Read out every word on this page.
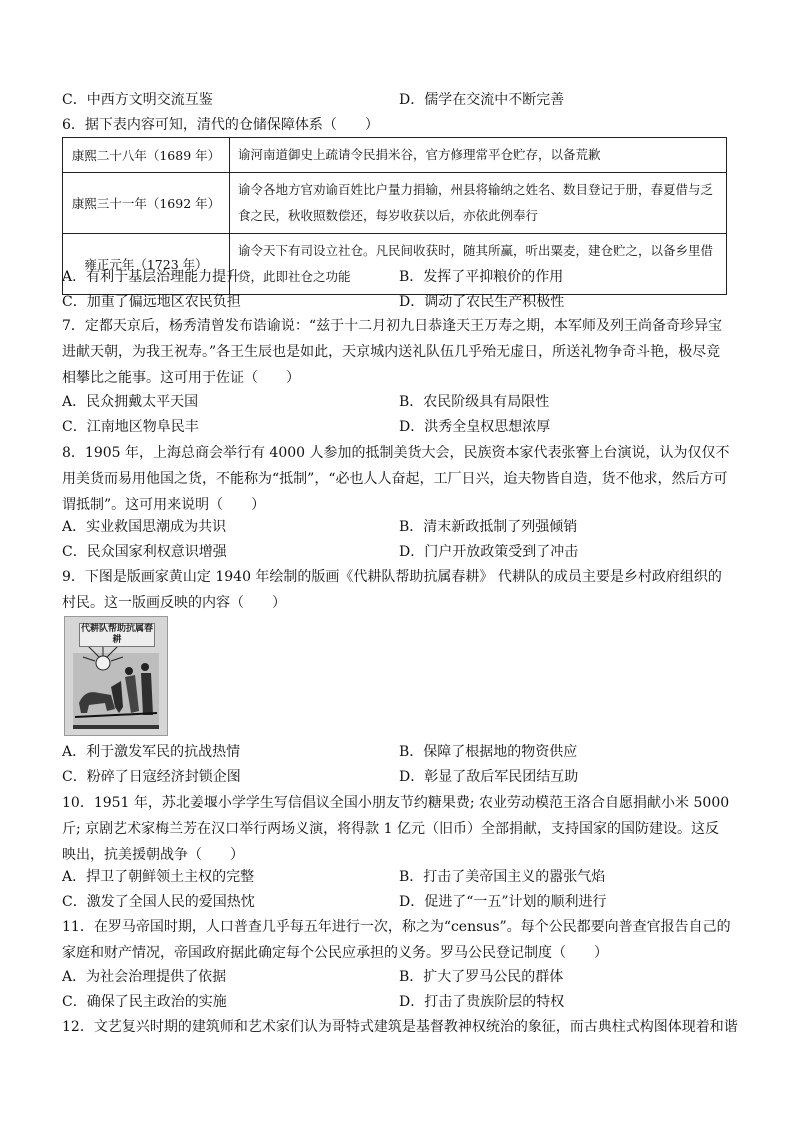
C．中西方文明交流互鉴	D．儒学在交流中不断完善
6．据下表内容可知，清代的仓储保障体系（　　）
康熙二十八年（1689 年）	谕河南道御史上疏请令民捐米谷，官方修理常平仓贮存，以备荒歉
康熙三十一年（1692 年）	谕令各地方官劝谕百姓比户量力捐输，州县将输纳之姓名、数目登记于册，春夏借与乏食之民，秋收照数偿还，每岁收获以后，亦依此例奉行
雍正元年（1723 年）	谕令天下有司设立社仓。凡民间收获时，随其所赢，听出粟麦，建仓贮之，以备乡里借贷，此即社仓之功能
A．有利于基层治理能力提升	B．发挥了平抑粮价的作用
C．加重了偏远地区农民负担	D．调动了农民生产积极性
7．定都天京后，杨秀清曾发布诰谕说：“兹于十二月初九日恭逢天王万寿之期，本军师及列王尚备奇珍异宝进献天朝，为我王祝寿。”各王生辰也是如此，天京城内送礼队伍几乎殆无虚日，所送礼物争奇斗艳，极尽竞相攀比之能事。这可用于佐证（　　）
A．民众拥戴太平天国	B．农民阶级具有局限性
C．江南地区物阜民丰	D．洪秀全皇权思想浓厚
8．1905 年，上海总商会举行有 4000 人参加的抵制美货大会，民族资本家代表张謇上台演说，认为仅仅不用美货而易用他国之货，不能称为“抵制”，“必也人人奋起，工厂日兴，迨夫物皆自造，货不他求，然后方可谓抵制”。这可用来说明（　　）
A．实业救国思潮成为共识	B．清末新政抵制了列强倾销
C．民众国家利权意识增强	D．门户开放政策受到了冲击
9．下图是版画家黄山定 1940 年绘制的版画《代耕队帮助抗属春耕》 代耕队的成员主要是乡村政府组织的村民。这一版画反映的内容（　　）
代耕队帮助抗属春耕
A．利于激发军民的抗战热情	B．保障了根据地的物资供应
C．粉碎了日寇经济封锁企图	D．彰显了敌后军民团结互助
10．1951 年，苏北姜堰小学学生写信倡议全国小朋友节约糖果费; 农业劳动模范王洛合自愿捐献小米 5000 斤; 京剧艺术家梅兰芳在汉口举行两场义演，将得款 1 亿元（旧币）全部捐献，支持国家的国防建设。这反映出，抗美援朝战争（　　）
A．捍卫了朝鲜领土主权的完整	B．打击了美帝国主义的嚣张气焰
C．激发了全国人民的爱国热忱	D．促进了“一五”计划的顺利进行
11．在罗马帝国时期，人口普查几乎每五年进行一次，称之为“census”。每个公民都要向普查官报告自己的家庭和财产情况，帝国政府据此确定每个公民应承担的义务。罗马公民登记制度（　　）
A．为社会治理提供了依据	B．扩大了罗马公民的群体
C．确保了民主政治的实施	D．打击了贵族阶层的特权
12．文艺复兴时期的建筑师和艺术家们认为哥特式建筑是基督教神权统治的象征，而古典柱式构图体现着和谐
